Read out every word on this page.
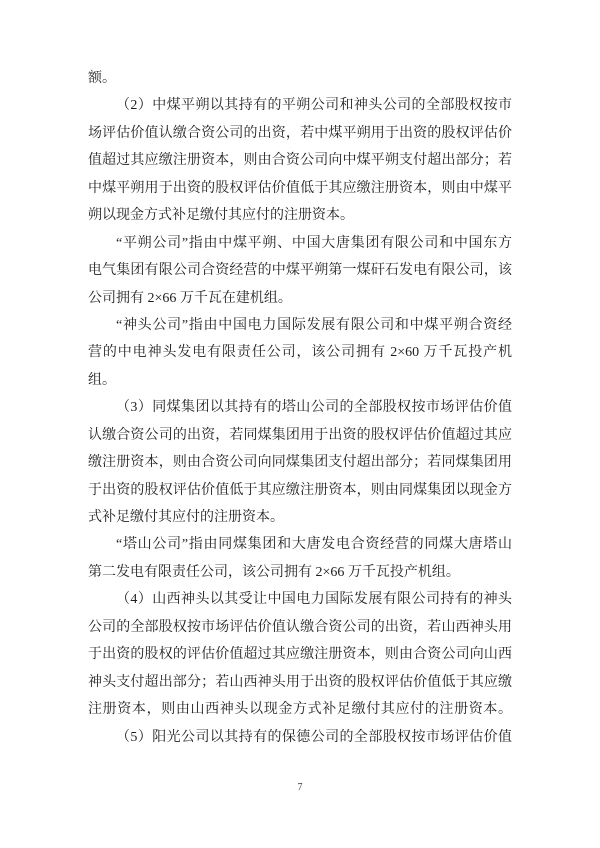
额。
（2）中煤平朔以其持有的平朔公司和神头公司的全部股权按市
场评估价值认缴合资公司的出资，若中煤平朔用于出资的股权评估价
值超过其应缴注册资本，则由合资公司向中煤平朔支付超出部分；若
中煤平朔用于出资的股权评估价值低于其应缴注册资本，则由中煤平
朔以现金方式补足缴付其应付的注册资本。
“平朔公司”指由中煤平朔、中国大唐集团有限公司和中国东方
电气集团有限公司合资经营的中煤平朔第一煤矸石发电有限公司，该
公司拥有 2×66 万千瓦在建机组。
“神头公司”指由中国电力国际发展有限公司和中煤平朔合资经
营的中电神头发电有限责任公司，该公司拥有 2×60 万千瓦投产机
组。
（3）同煤集团以其持有的塔山公司的全部股权按市场评估价值
认缴合资公司的出资，若同煤集团用于出资的股权评估价值超过其应
缴注册资本，则由合资公司向同煤集团支付超出部分；若同煤集团用
于出资的股权评估价值低于其应缴注册资本，则由同煤集团以现金方
式补足缴付其应付的注册资本。
“塔山公司”指由同煤集团和大唐发电合资经营的同煤大唐塔山
第二发电有限责任公司，该公司拥有 2×66 万千瓦投产机组。
（4）山西神头以其受让中国电力国际发展有限公司持有的神头
公司的全部股权按市场评估价值认缴合资公司的出资，若山西神头用
于出资的股权的评估价值超过其应缴注册资本，则由合资公司向山西
神头支付超出部分；若山西神头用于出资的股权评估价值低于其应缴
注册资本，则由山西神头以现金方式补足缴付其应付的注册资本。
（5）阳光公司以其持有的保德公司的全部股权按市场评估价值
7
